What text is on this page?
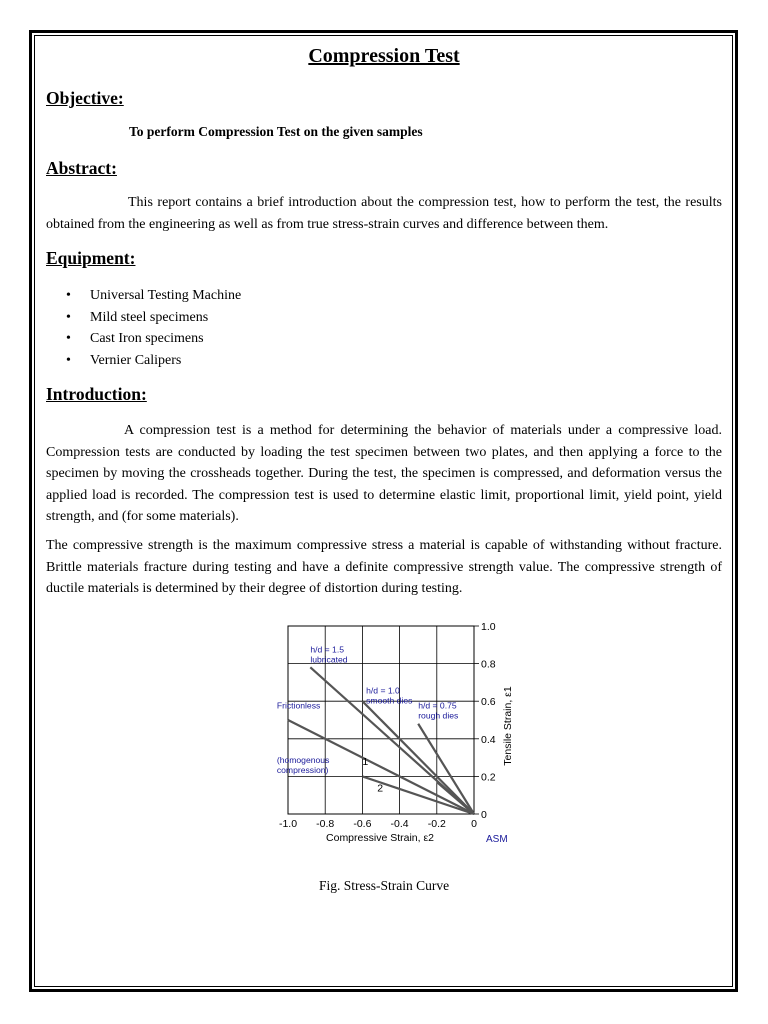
Compression Test
Objective:
To perform Compression Test on the given samples
Abstract:
This report contains a brief introduction about the compression test, how to perform the test, the results obtained from the engineering as well as from true stress-strain curves and difference between them.
Equipment:
• Universal Testing Machine
• Mild steel specimens
• Cast Iron specimens
• Vernier Calipers
Introduction:
A compression test is a method for determining the behavior of materials under a compressive load. Compression tests are conducted by loading the test specimen between two plates, and then applying a force to the specimen by moving the crossheads together. During the test, the specimen is compressed, and deformation versus the applied load is recorded. The compression test is used to determine elastic limit, proportional limit, yield point, yield strength, and (for some materials).
The compressive strength is the maximum compressive stress a material is capable of withstanding without fracture. Brittle materials fracture during testing and have a definite compressive strength value. The compressive strength of ductile materials is determined by their degree of distortion during testing.
-1.0 -0.8 -0.6 -0.4 -0.2 0
0
0.2
0.4
0.6
0.8
1.0
h/d = 1.5
lubricated
h/d = 1.0
smooth dies
h/d = 0.75
rough dies
Frictionless
(homogenous
compression)
1
2
Compressive Strain, ε2
Tensile Strain, ε1
ASM
Fig. Stress-Strain Curve
